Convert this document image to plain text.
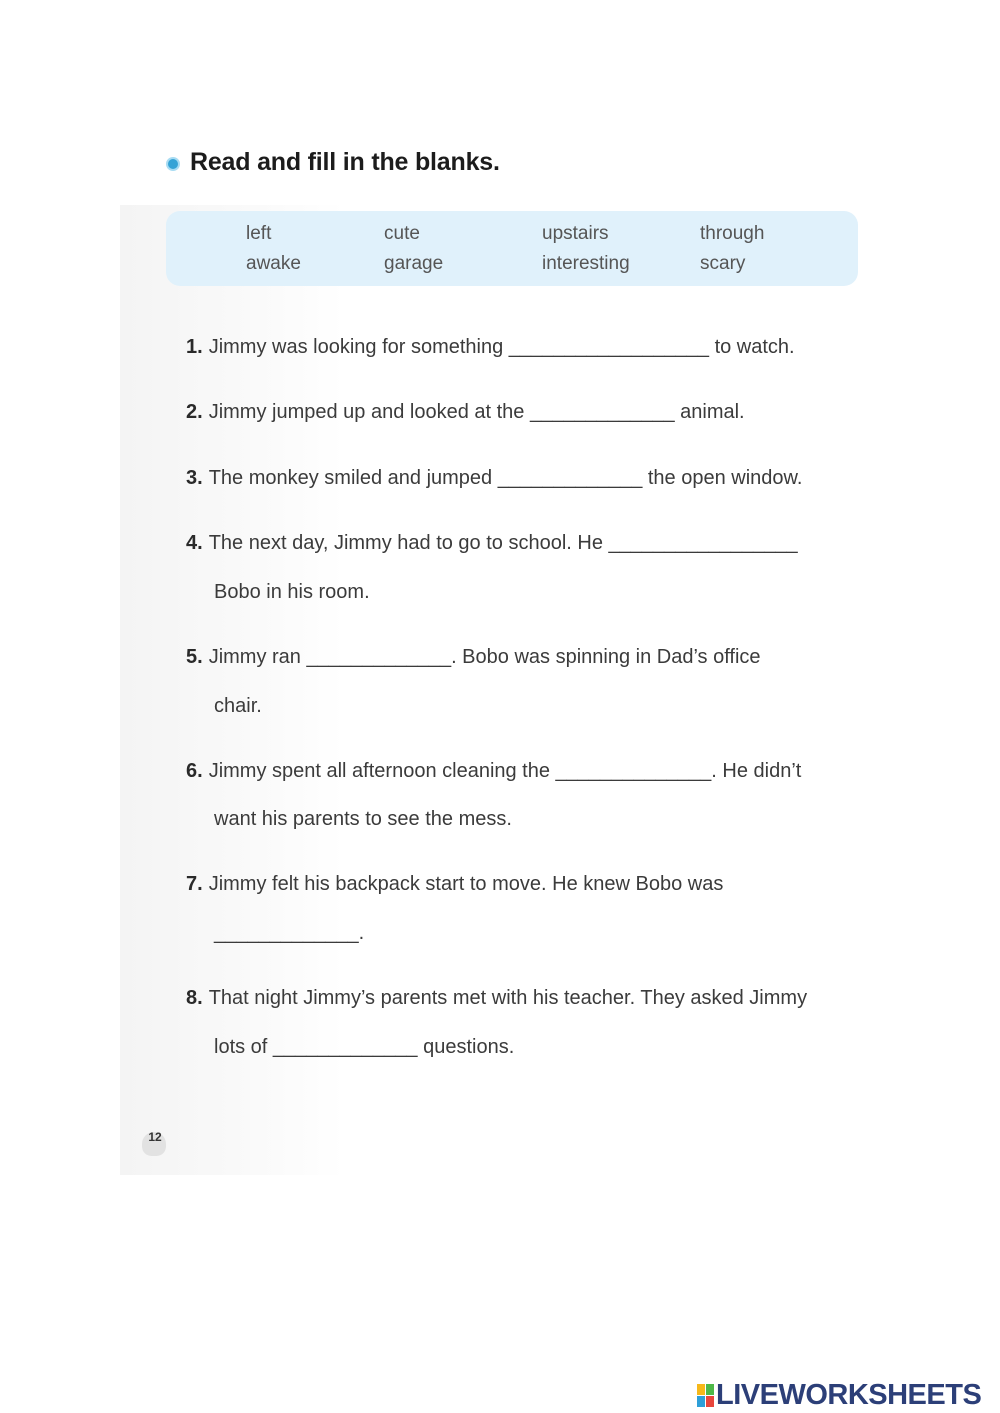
Read and fill in the blanks.
left	cute	upstairs	through
awake	garage	interesting	scary
1. Jimmy was looking for something __________________ to watch.
2. Jimmy jumped up and looked at the _____________ animal.
3. The monkey smiled and jumped _____________ the open window.
4. The next day, Jimmy had to go to school. He _________________
Bobo in his room.
5. Jimmy ran _____________. Bobo was spinning in Dad’s office
chair.
6. Jimmy spent all afternoon cleaning the ______________. He didn’t
want his parents to see the mess.
7. Jimmy felt his backpack start to move. He knew Bobo was
_____________.
8. That night Jimmy’s parents met with his teacher. They asked Jimmy
lots of _____________ questions.
12
LIVEWORKSHEETS
